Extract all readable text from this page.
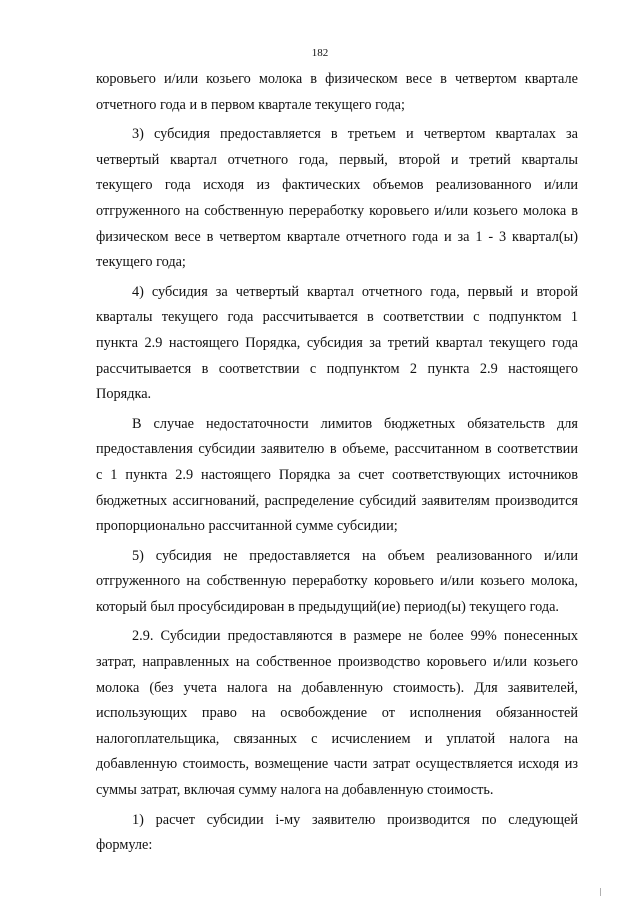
182
коровьего и/или козьего молока в физическом весе в четвертом квартале
отчетного года и в первом квартале текущего года;
3) субсидия предоставляется в третьем и четвертом кварталах за
четвертый квартал отчетного года, первый, второй и третий кварталы
текущего года исходя из фактических объемов реализованного и/или
отгруженного на собственную переработку коровьего и/или козьего молока в
физическом весе в четвертом квартале отчетного года и за 1 - 3 квартал(ы)
текущего года;
4) субсидия за четвертый квартал отчетного года, первый и второй
кварталы текущего года рассчитывается в соответствии с подпунктом 1
пункта 2.9 настоящего Порядка, субсидия за третий квартал текущего года
рассчитывается в соответствии с подпунктом 2 пункта 2.9 настоящего
Порядка.
В случае недостаточности лимитов бюджетных обязательств для
предоставления субсидии заявителю в объеме, рассчитанном в соответствии
с 1 пункта 2.9 настоящего Порядка за счет соответствующих источников
бюджетных ассигнований, распределение субсидий заявителям производится
пропорционально рассчитанной сумме субсидии;
5) субсидия не предоставляется на объем реализованного и/или
отгруженного на собственную переработку коровьего и/или козьего молока,
который был просубсидирован в предыдущий(ие) период(ы) текущего года.
2.9. Субсидии предоставляются в размере не более 99% понесенных
затрат, направленных на собственное производство коровьего и/или козьего
молока (без учета налога на добавленную стоимость). Для заявителей,
использующих право на освобождение от исполнения обязанностей
налогоплательщика, связанных с исчислением и уплатой налога на
добавленную стоимость, возмещение части затрат осуществляется исходя из
суммы затрат, включая сумму налога на добавленную стоимость.
1) расчет субсидии i-му заявителю производится по следующей
формуле:
